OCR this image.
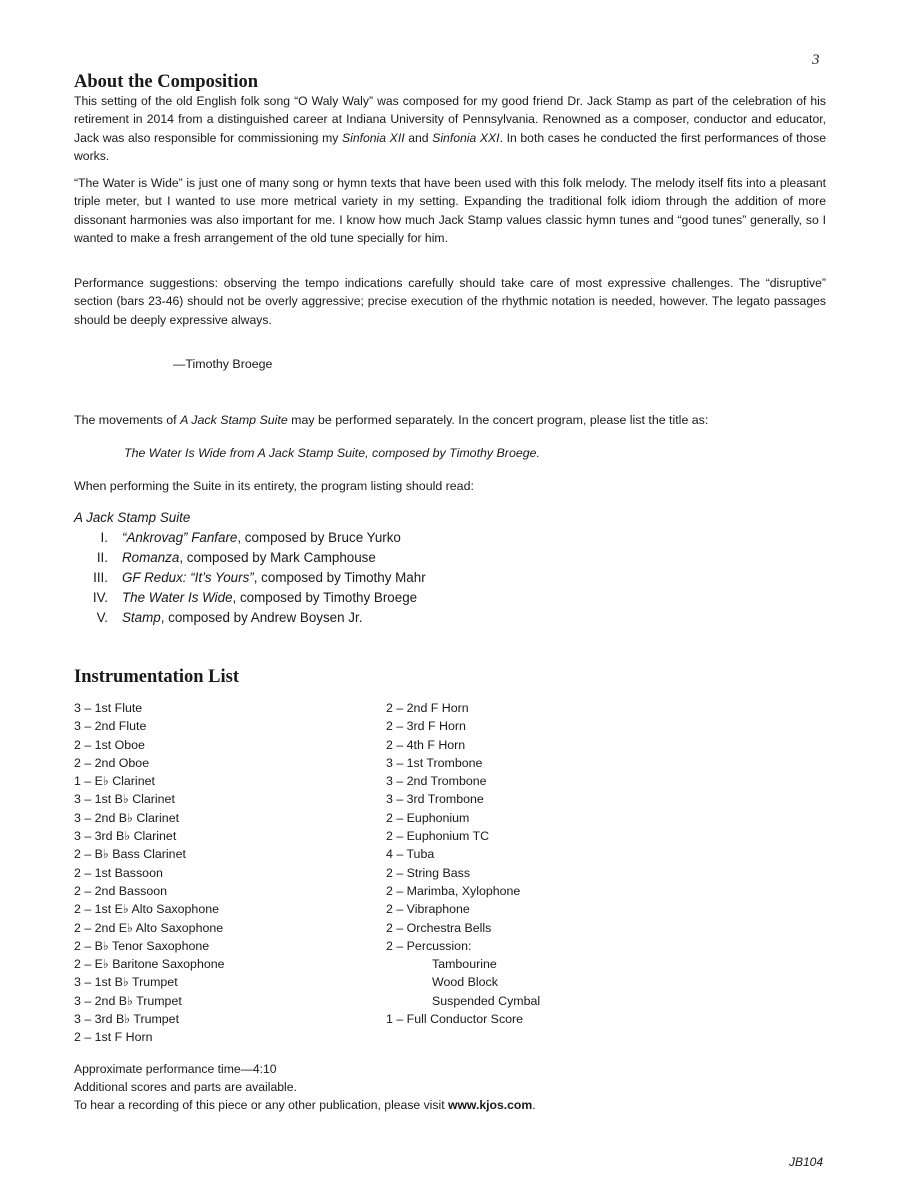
3
About the Composition

This setting of the old English folk song “O Waly Waly” was composed for my good friend Dr. Jack Stamp as part of the celebration of his retirement in 2014 from a distinguished career at Indiana University of Pennsylvania. Renowned as a composer, conductor and educator, Jack was also responsible for commissioning my Sinfonia XII and Sinfonia XXI. In both cases he conducted the first performances of those works.

“The Water is Wide” is just one of many song or hymn texts that have been used with this folk melody. The melody itself fits into a pleasant triple meter, but I wanted to use more metrical variety in my setting. Expanding the traditional folk idiom through the addition of more dissonant harmonies was also important for me. I know how much Jack Stamp values classic hymn tunes and “good tunes” generally, so I wanted to make a fresh arrangement of the old tune specially for him.

Performance suggestions: observing the tempo indications carefully should take care of most expressive challenges. The “disruptive” section (bars 23-46) should not be overly aggressive; precise execution of the rhythmic notation is needed, however. The legato passages should be deeply expressive always.

—Timothy Broege

The movements of A Jack Stamp Suite may be performed separately. In the concert program, please list the title as:

The Water Is Wide from A Jack Stamp Suite, composed by Timothy Broege.

When performing the Suite in its entirety, the program listing should read:

A Jack Stamp Suite

I.	“Ankrovag” Fanfare , composed by Bruce Yurko
II.	Romanza , composed by Mark Camphouse
III.	GF Redux: “It’s Yours” , composed by Timothy Mahr
IV.	The Water Is Wide , composed by Timothy Broege
V.	Stamp , composed by Andrew Boysen Jr.
Instrumentation List
3 – 1st Flute
3 – 2nd Flute
2 – 1st Oboe
2 – 2nd Oboe
1 – E♭ Clarinet
3 – 1st B♭ Clarinet
3 – 2nd B♭ Clarinet
3 – 3rd B♭ Clarinet
2 – B♭ Bass Clarinet
2 – 1st Bassoon
2 – 2nd Bassoon
2 – 1st E♭ Alto Saxophone
2 – 2nd E♭ Alto Saxophone
2 – B♭ Tenor Saxophone
2 – E♭ Baritone Saxophone
3 – 1st B♭ Trumpet
3 – 2nd B♭ Trumpet
3 – 3rd B♭ Trumpet
2 – 1st F Horn
2 – 2nd F Horn
2 – 3rd F Horn
2 – 4th F Horn
3 – 1st Trombone
3 – 2nd Trombone
3 – 3rd Trombone
2 – Euphonium
2 – Euphonium TC
4 – Tuba
2 – String Bass
2 – Marimba, Xylophone
2 – Vibraphone
2 – Orchestra Bells
2 – Percussion:
Tambourine
Wood Block
Suspended Cymbal
1 – Full Conductor Score
Approximate performance time—4:10
Additional scores and parts are available.
To hear a recording of this piece or any other publication, please visit www.kjos.com.
JB104
